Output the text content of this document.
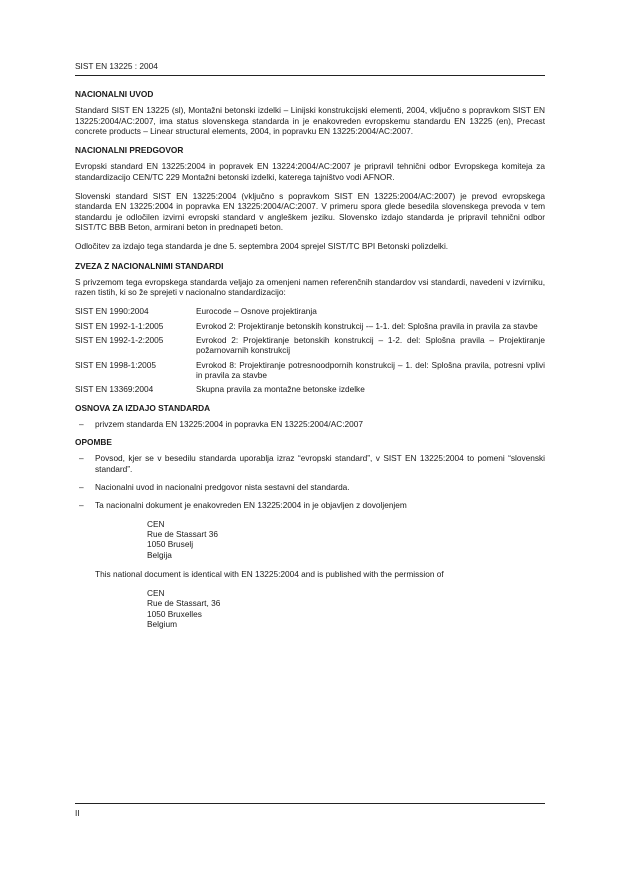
SIST EN 13225 : 2004
NACIONALNI UVOD

Standard SIST EN 13225 (sl), Montažni betonski izdelki – Linijski konstrukcijski elementi, 2004, vključno s popravkom SIST EN 13225:2004/AC:2007, ima status slovenskega standarda in je enakovreden evropskemu standardu EN 13225 (en), Precast concrete products – Linear structural elements, 2004, in popravku EN 13225:2004/AC:2007.

NACIONALNI PREDGOVOR

Evropski standard EN 13225:2004 in popravek EN 13224:2004/AC:2007 je pripravil tehnični odbor Evropskega komiteja za standardizacijo CEN/TC 229 Montažni betonski izdelki, katerega tajništvo vodi AFNOR.

Slovenski standard SIST EN 13225:2004 (vključno s popravkom SIST EN 13225:2004/AC:2007) je prevod evropskega standarda EN 13225:2004 in popravka EN 13225:2004/AC:2007. V primeru spora glede besedila slovenskega prevoda v tem standardu je odločilen izvirni evropski standard v angleškem jeziku. Slovensko izdajo standarda je pripravil tehnični odbor SIST/TC BBB Beton, armirani beton in prednapeti beton.

Odločitev za izdajo tega standarda je dne 5. septembra 2004 sprejel SIST/TC BPI Betonski polizdelki.

ZVEZA Z NACIONALNIMI STANDARDI

S privzemom tega evropskega standarda veljajo za omenjeni namen referenčnih standardov vsi standardi, navedeni v izvirniku, razen tistih, ki so že sprejeti v nacionalno standardizacijo:

SIST EN 1990:2004	Eurocode – Osnove projektiranja
SIST EN 1992-1-1:2005	Evrokod 2: Projektiranje betonskih konstrukcij -– 1-1. del: Splošna pravila in pravila za stavbe
SIST EN 1992-1-2:2005	Evrokod 2: Projektiranje betonskih konstrukcij – 1-2. del: Splošna pravila – Projektiranje požarnovarnih konstrukcij
SIST EN 1998-1:2005	Evrokod 8: Projektiranje potresnoodpornih konstrukcij – 1. del: Splošna pravila, potresni vplivi in pravila za stavbe
SIST EN 13369:2004	Skupna pravila za montažne betonske izdelke
OSNOVA ZA IZDAJO STANDARDA
– privzem standarda EN 13225:2004 in popravka EN 13225:2004/AC:2007
OPOMBE
– Povsod, kjer se v besedilu standarda uporablja izraz “evropski standard”, v SIST EN 13225:2004 to pomeni “slovenski standard”.
– Nacionalni uvod in nacionalni predgovor nista sestavni del standarda.
– Ta nacionalni dokument je enakovreden EN 13225:2004 in je objavljen z dovoljenjem
CEN
Rue de Stassart 36
1050 Bruselj
Belgija

This national document is identical with EN 13225:2004 and is published with the permission of

CEN
Rue de Stassart, 36
1050 Bruxelles
Belgium
II
